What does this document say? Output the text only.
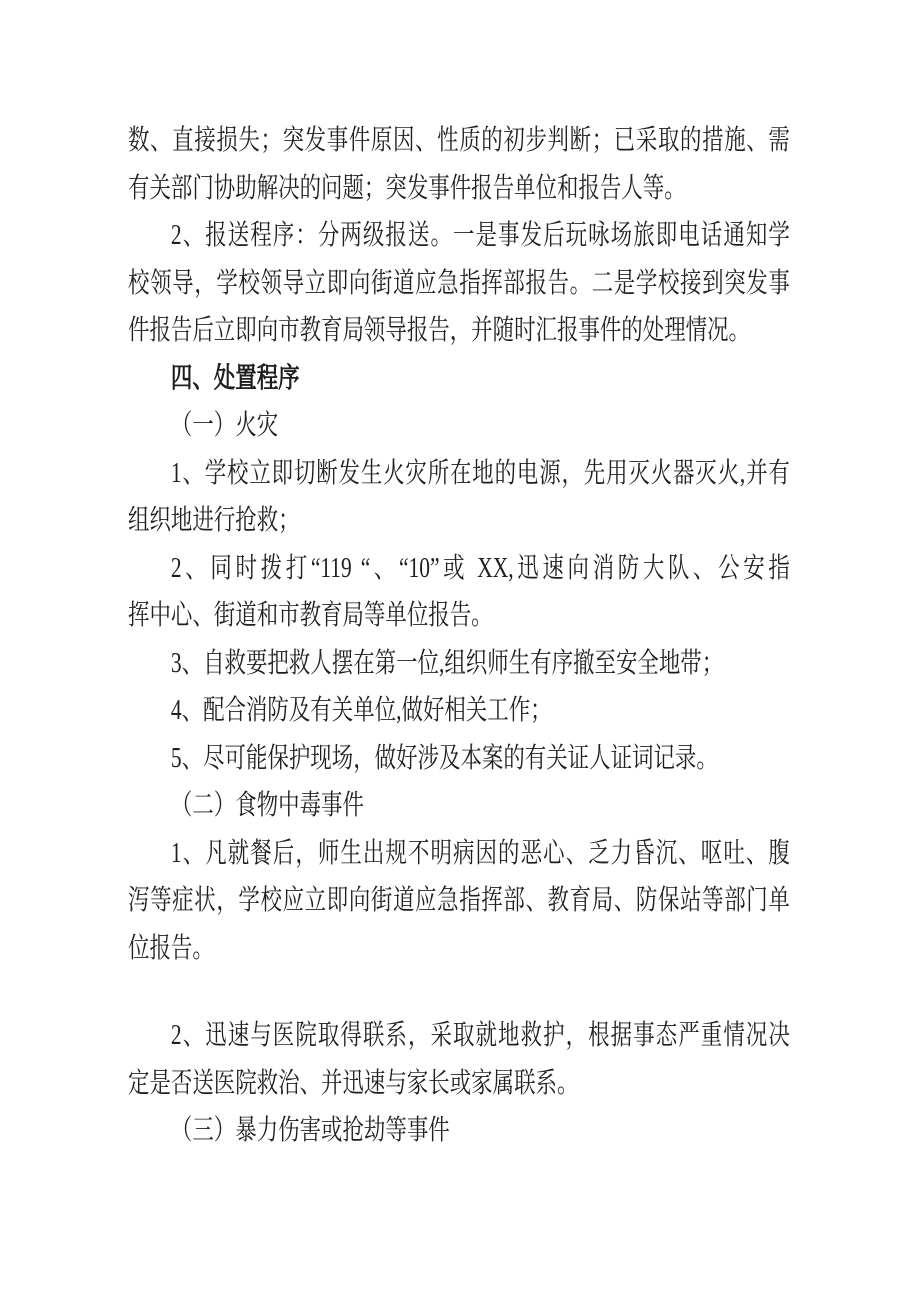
数、直接损失；突发事件原因、性质的初步判断；已采取的措施、需
有关部门协助解决的问题；突发事件报告单位和报告人等。
2、报送程序：分两级报送。一是事发后玩咏场旅即电话通知学
校领导，学校领导立即向街道应急指挥部报告。二是学校接到突发事
件报告后立即向市教育局领导报告，并随时汇报事件的处理情况。
四、处置程序
（一）火灾
1、学校立即切断发生火灾所在地的电源，先用灭火器灭火,并有
组织地进行抢救；
2、同时拨打“119 “、“10”或 XX,迅速向消防大队、公安指
挥中心、街道和市教育局等单位报告。
3、自救要把救人摆在第一位,组织师生有序撤至安全地带；
4、配合消防及有关单位,做好相关工作；
5、尽可能保护现场，做好涉及本案的有关证人证词记录。
（二）食物中毒事件
1、凡就餐后，师生出规不明病因的恶心、乏力昏沉、呕吐、腹
泻等症状，学校应立即向街道应急指挥部、教育局、防保站等部门单
位报告。
2、迅速与医院取得联系，采取就地救护，根据事态严重情况决
定是否送医院救治、并迅速与家长或家属联系。
（三）暴力伤害或抢劫等事件
